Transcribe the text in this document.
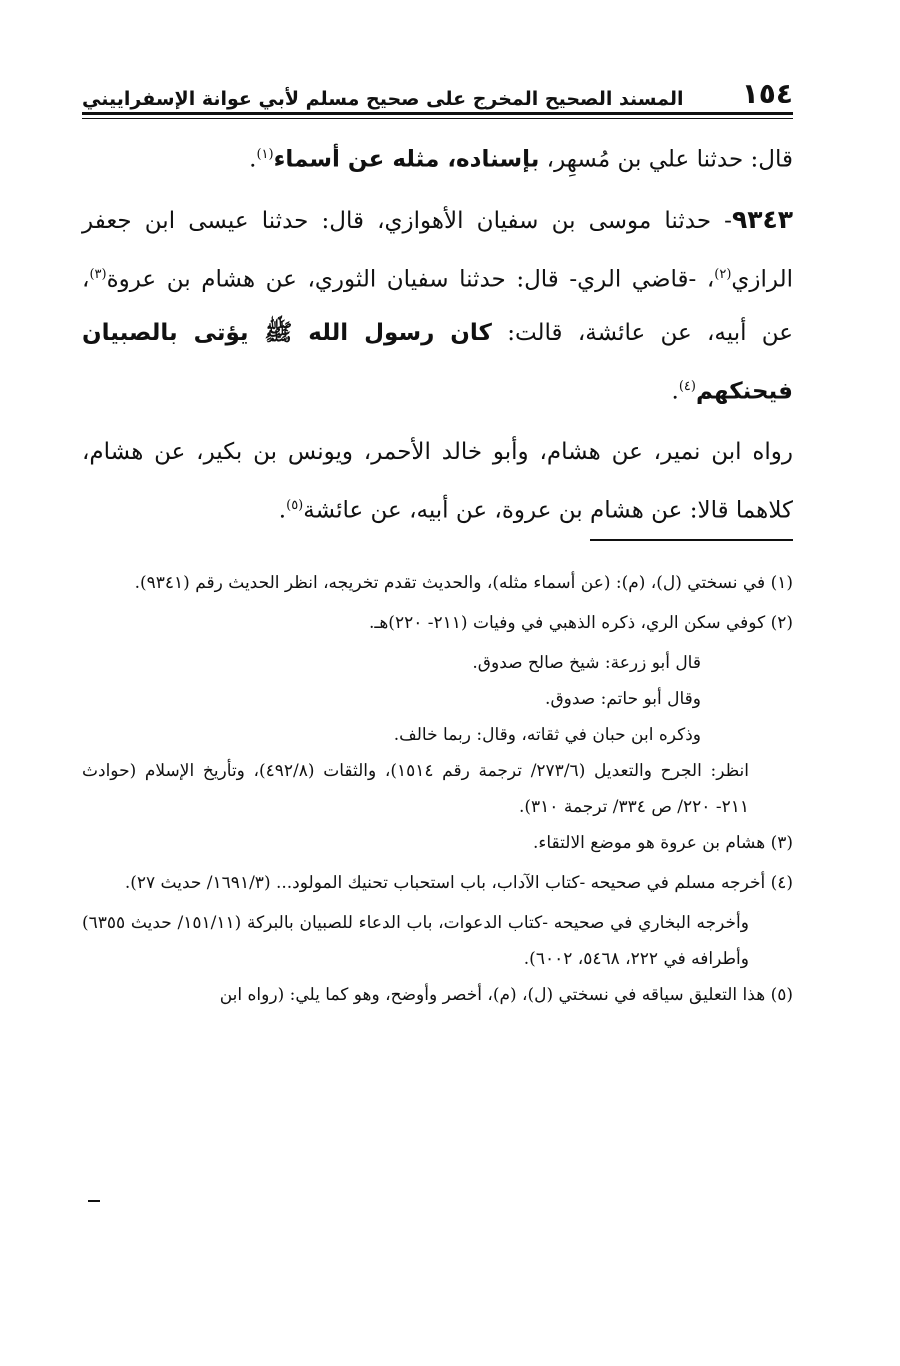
١٥٤
المسند الصحيح المخرج على صحيح مسلم لأبي عوانة الإسفراييني

قال: حدثنا علي بن مُسهِر، بإسناده، مثله عن أسماء$^{(١)}$.

٩٣٤٣- حدثنا موسى بن سفيان الأهوازي، قال: حدثنا عيسى ابن جعفر الرازي$^{(٢)}$، -قاضي الري- قال: حدثنا سفيان الثوري، عن هشام بن عروة$^{(٣)}$، عن أبيه، عن عائشة، قالت: كان رسول الله ﷺ يؤتى بالصبيان فيحنكهم$^{(٤)}$.

رواه ابن نمير، عن هشام، وأبو خالد الأحمر، ويونس بن بكير، عن هشام، كلاهما قالا: عن هشام بن عروة، عن أبيه، عن عائشة$^{(٥)}$.

(١) في نسختي (ل)، (م): (عن أسماء مثله)، والحديث تقدم تخريجه، انظر الحديث رقم (٩٣٤١).

(٢) كوفي سكن الري، ذكره الذهبي في وفيات (٢١١- ٢٢٠)هـ.

قال أبو زرعة: شيخ صالح صدوق.

وقال أبو حاتم: صدوق.

وذكره ابن حبان في ثقاته، وقال: ربما خالف.

انظر: الجرح والتعديل (٢٧٣/٦/ ترجمة رقم ١٥١٤)، والثقات (٤٩٢/٨)، وتأريخ الإسلام (حوادث ٢١١- ٢٢٠/ ص ٣٣٤/ ترجمة ٣١٠).

(٣) هشام بن عروة هو موضع الالتقاء.

(٤) أخرجه مسلم في صحيحه -كتاب الآداب، باب استحباب تحنيك المولود... (١٦٩١/٣/ حديث ٢٧).

وأخرجه البخاري في صحيحه -كتاب الدعوات، باب الدعاء للصبيان بالبركة (١٥١/١١/ حديث ٦٣٥٥) وأطرافه في ٢٢٢، ٥٤٦٨، ٦٠٠٢).

(٥) هذا التعليق سياقه في نسختي (ل)، (م)، أخصر وأوضح، وهو كما يلي: (رواه ابن
